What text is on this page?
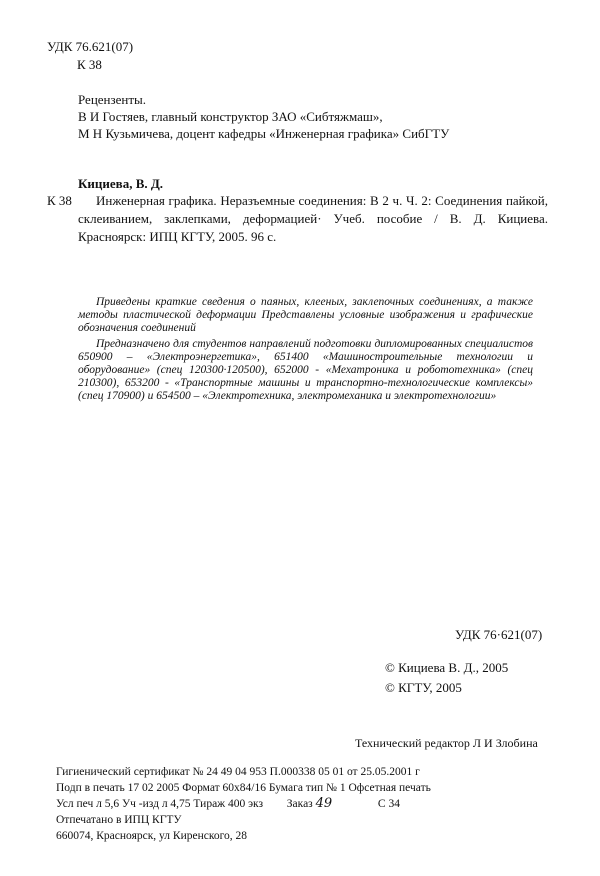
УДК 76.621(07)
К 38
Рецензенты.
В И Гостяев, главный конструктор ЗАО «Сибтяжмаш»,
М Н Кузьмичева, доцент кафедры «Инженерная графика» СибГТУ
Кициева, В. Д.
К 38	Инженерная графика. Неразъемные соединения: В 2 ч. Ч. 2: Соединения пайкой, склеиванием, заклепками, деформацией· Учеб. пособие / В. Д. Кициева. Красноярск: ИПЦ КГТУ, 2005. 96 с.

Приведены краткие сведения о паяных, клееных, заклепочных соединениях, а также методы пластической деформации Представлены условные изображения и графические обозначения соединений

Предназначено для студентов направлений подготовки дипломированных специалистов 650900 – «Электроэнергетика», 651400 «Машиностроительные технологии и оборудование» (спец 120300·120500), 652000 - «Мехатроника и робототехника» (спец 210300), 653200 - «Транспортные машины и транспортно-технологические комплексы» (спец 170900) и 654500 – «Электротехника, электромеханика и электротехнологии»

УДК 76·621(07)
© Кициева В. Д., 2005
© КГТУ, 2005
Технический редактор Л И Злобина
Гигиенический сертификат № 24 49 04 953 П.000338 05 01 от 25.05.2001 г
Подп в печать 17 02 2005 Формат 60х84/16 Бумага тип № 1 Офсетная печать
Усл печ л 5,6 Уч -изд л 4,75 Тираж 400 экз Заказ 49	С 34
Отпечатано в ИПЦ КГТУ
660074, Красноярск, ул Киренского, 28
